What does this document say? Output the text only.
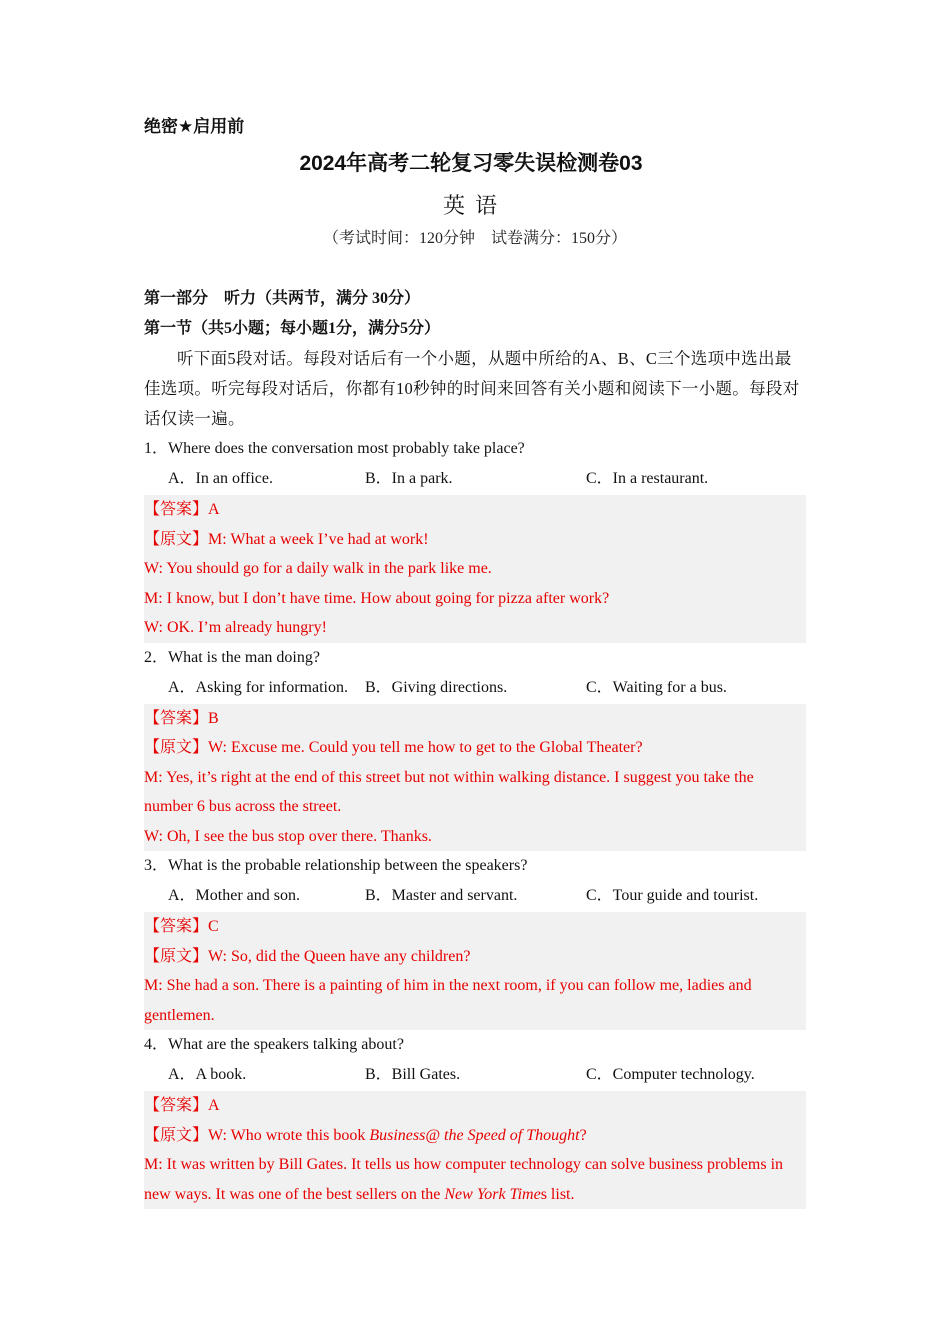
绝密★启用前
2024年高考二轮复习零失误检测卷03
英语
（考试时间：120分钟　试卷满分：150分）
第一部分　听力（共两节，满分 30分）
第一节（共5小题；每小题1分，满分5分）
听下面5段对话。每段对话后有一个小题，从题中所给的A、B、C三个选项中选出最佳选项。听完每段对话后，你都有10秒钟的时间来回答有关小题和阅读下一小题。每段对话仅读一遍。
1．Where does the conversation most probably take place?
A．In an office.	B．In a park.	C．In a restaurant.
【答案】A
【原文】M: What a week I’ve had at work!
W: You should go for a daily walk in the park like me.
M: I know, but I don’t have time. How about going for pizza after work?
W: OK. I’m already hungry!
2．What is the man doing?
A．Asking for information. B．Giving directions.	C．Waiting for a bus.
【答案】B
【原文】W: Excuse me. Could you tell me how to get to the Global Theater?
M: Yes, it’s right at the end of this street but not within walking distance. I suggest you take the number 6 bus across the street.
W: Oh, I see the bus stop over there. Thanks.
3．What is the probable relationship between the speakers?
A．Mother and son.	B．Master and servant.	C．Tour guide and tourist.
【答案】C
【原文】W: So, did the Queen have any children?
M: She had a son. There is a painting of him in the next room, if you can follow me, ladies and gentlemen.
4．What are the speakers talking about?
A．A book.	B．Bill Gates.	C．Computer technology.
【答案】A
【原文】W: Who wrote this book Business@ the Speed of Thought?
M: It was written by Bill Gates. It tells us how computer technology can solve business problems in new ways. It was one of the best sellers on the New York Times list.
